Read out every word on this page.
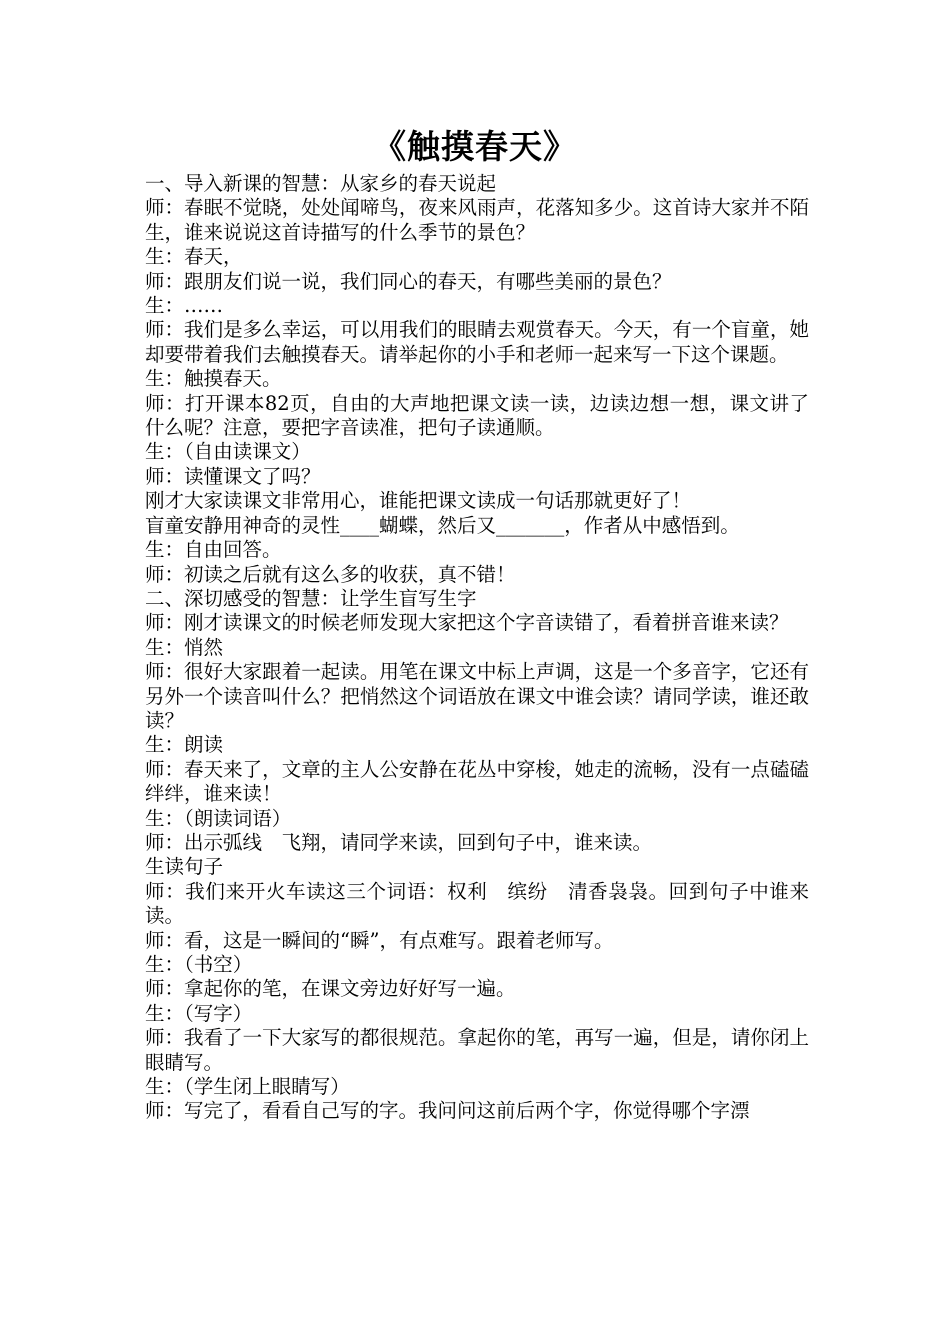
《触摸春天》

一、导入新课的智慧：从家乡的春天说起

师：春眠不觉晓，处处闻啼鸟，夜来风雨声，花落知多少。这首诗大家并不陌生，谁来说说这首诗描写的什么季节的景色？

生：春天，

师：跟朋友们说一说，我们同心的春天，有哪些美丽的景色？

生：……

师：我们是多么幸运，可以用我们的眼睛去观赏春天。今天，有一个盲童，她却要带着我们去触摸春天。请举起你的小手和老师一起来写一下这个课题。

生：触摸春天。

师：打开课本82页，自由的大声地把课文读一读，边读边想一想，课文讲了什么呢？注意，要把字音读准，把句子读通顺。

生：（自由读课文）

师：读懂课文了吗？

刚才大家读课文非常用心，谁能把课文读成一句话那就更好了！

盲童安静用神奇的灵性____蝴蝶，然后又_______，作者从中感悟到。

生：自由回答。

师：初读之后就有这么多的收获，真不错！

二、深切感受的智慧：让学生盲写生字

师：刚才读课文的时候老师发现大家把这个字音读错了，看着拼音谁来读？

生：悄然

师：很好大家跟着一起读。用笔在课文中标上声调，这是一个多音字，它还有另外一个读音叫什么？把悄然这个词语放在课文中谁会读？请同学读，谁还敢读？

生：朗读

师：春天来了，文章的主人公安静在花丛中穿梭，她走的流畅，没有一点磕磕绊绊，谁来读！

生：（朗读词语）

师：出示弧线　飞翔，请同学来读，回到句子中，谁来读。

生读句子

师：我们来开火车读这三个词语：权利　缤纷　清香袅袅。回到句子中谁来读。

师：看，这是一瞬间的“瞬”，有点难写。跟着老师写。

生：（书空）

师：拿起你的笔，在课文旁边好好写一遍。

生：（写字）

师：我看了一下大家写的都很规范。拿起你的笔，再写一遍，但是，请你闭上眼睛写。

生：（学生闭上眼睛写）

师：写完了，看看自己写的字。我问问这前后两个字，你觉得哪个字漂
